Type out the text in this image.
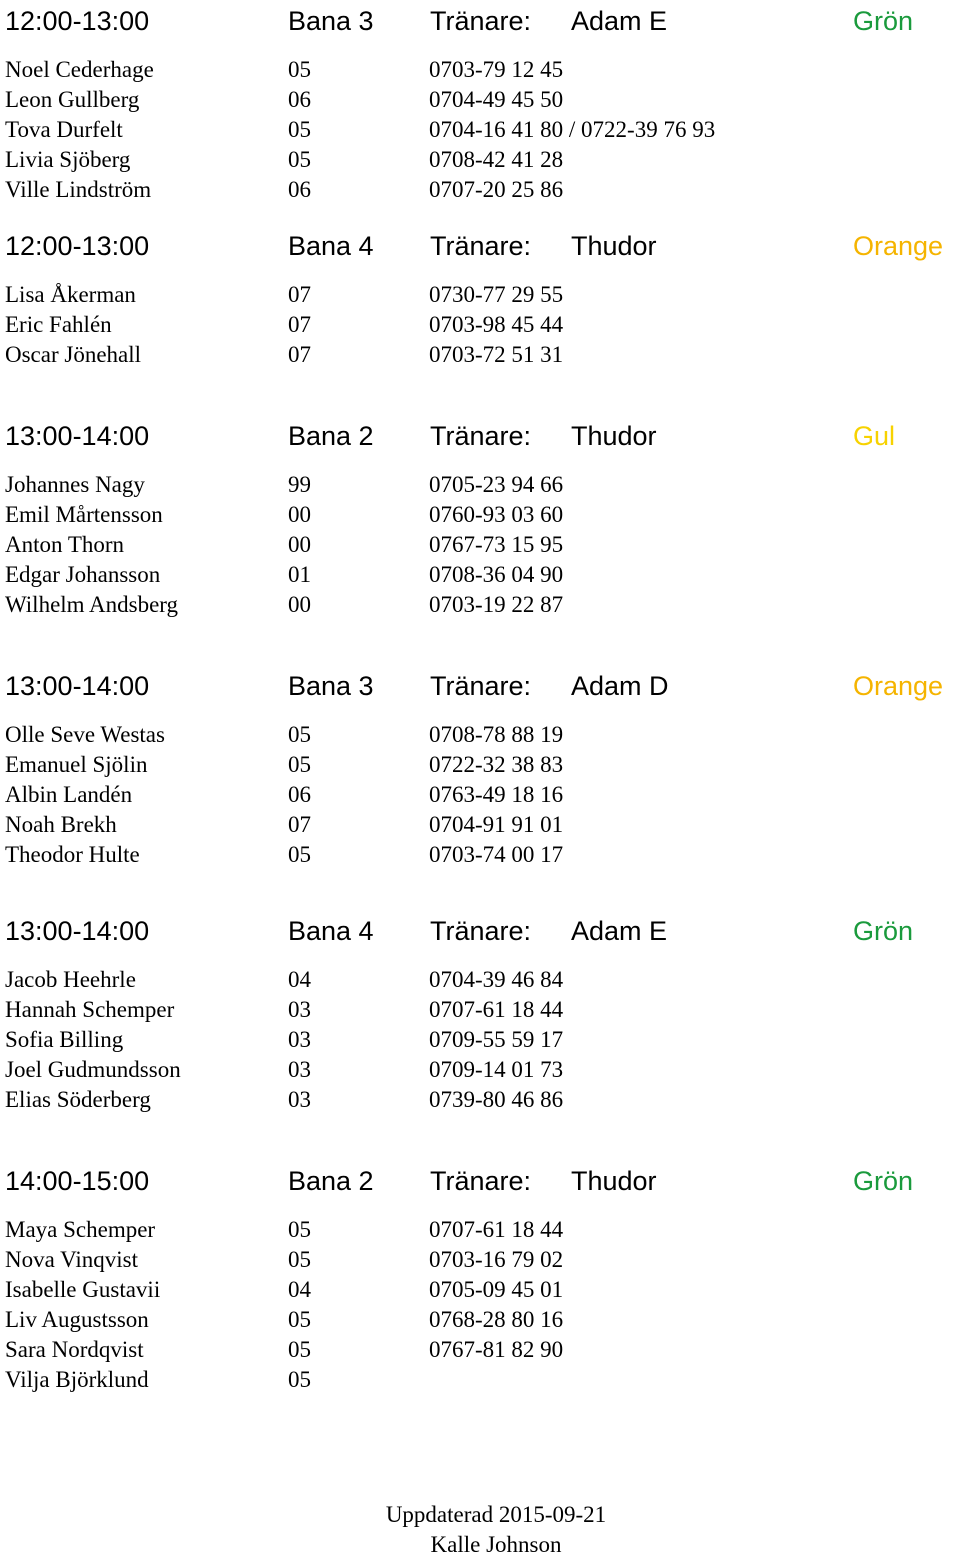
12:00-13:00	Bana 3 Tränare: Adam E	Grön
Noel Cederhage	05	0703-79 12 45
Leon Gullberg	06	0704-49 45 50
Tova Durfelt	05	0704-16 41 80 / 0722-39 76 93
Livia Sjöberg	05	0708-42 41 28
Ville Lindström	06	0707-20 25 86
12:00-13:00	Bana 4 Tränare: Thudor	Orange
Lisa Åkerman	07	0730-77 29 55
Eric Fahlén	07	0703-98 45 44
Oscar Jönehall	07	0703-72 51 31
13:00-14:00	Bana 2 Tränare: Thudor	Gul
Johannes Nagy	99	0705-23 94 66
Emil Mårtensson	00	0760-93 03 60
Anton Thorn	00	0767-73 15 95
Edgar Johansson	01	0708-36 04 90
Wilhelm Andsberg	00	0703-19 22 87
13:00-14:00	Bana 3 Tränare: Adam D	Orange
Olle Seve Westas	05	0708-78 88 19
Emanuel Sjölin	05	0722-32 38 83
Albin Landén	06	0763-49 18 16
Noah Brekh	07	0704-91 91 01
Theodor Hulte	05	0703-74 00 17
13:00-14:00	Bana 4 Tränare: Adam E	Grön
Jacob Heehrle	04	0704-39 46 84
Hannah Schemper	03	0707-61 18 44
Sofia Billing	03	0709-55 59 17
Joel Gudmundsson	03	0709-14 01 73
Elias Söderberg	03	0739-80 46 86
14:00-15:00	Bana 2 Tränare: Thudor	Grön
Maya Schemper	05	0707-61 18 44
Nova Vinqvist	05	0703-16 79 02
Isabelle Gustavii	04	0705-09 45 01
Liv Augustsson	05	0768-28 80 16
Sara Nordqvist	05	0767-81 82 90
Vilja Björklund	05
Uppdaterad 2015-09-21
Kalle Johnson
